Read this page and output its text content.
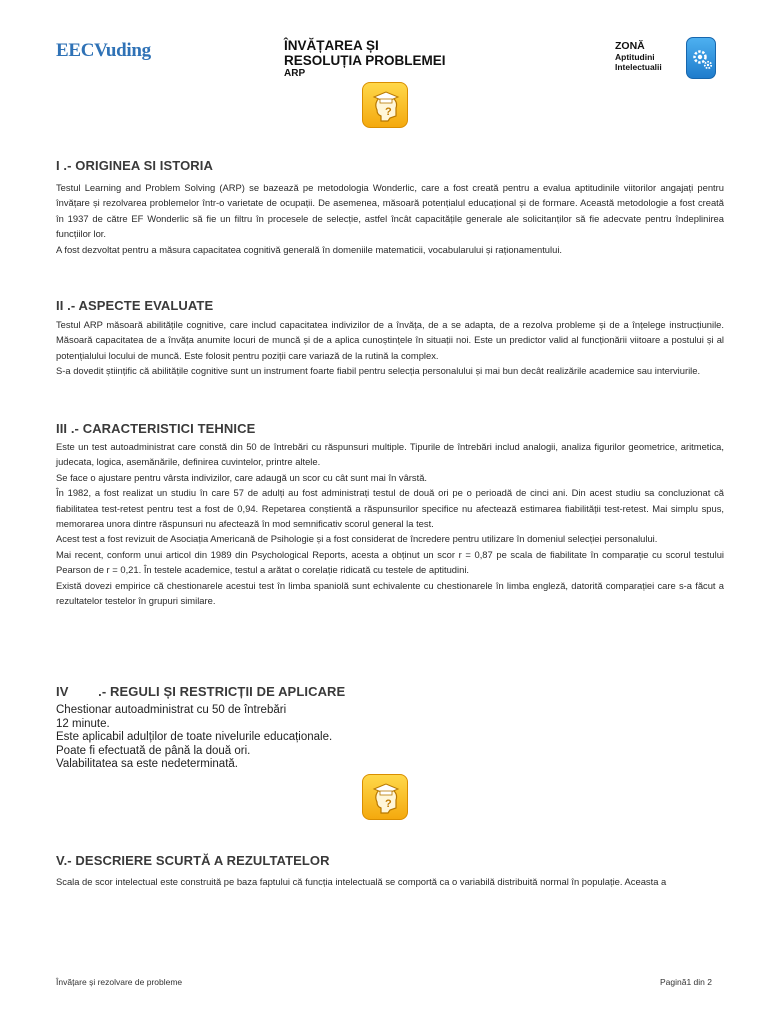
EECVuding	ÎNVĂȚAREA ȘI
RESOLUȚIA PROBLEMEI
ARP
ZONĂ
Aptitudini
Intelectualii
?
I .- ORIGINEA SI ISTORIA

Testul Learning and Problem Solving (ARP) se bazează pe metodologia Wonderlic, care a fost creată pentru a evalua aptitudinile viitorilor angajați pentru învățare și rezolvarea problemelor într-o varietate de ocupații. De asemenea, măsoară potențialul educațional și de formare. Această metodologie a fost creată în 1937 de către EF Wonderlic să fie un filtru în procesele de selecție, astfel încât capacitățile generale ale solicitanților să fie adecvate pentru îndeplinirea funcțiilor lor.

A fost dezvoltat pentru a măsura capacitatea cognitivă generală în domeniile matematicii, vocabularului și raționamentului.

II .- ASPECTE EVALUATE

Testul ARP măsoară abilitățile cognitive, care includ capacitatea indivizilor de a învăța, de a se adapta, de a rezolva probleme și de a înțelege instrucțiunile. Măsoară capacitatea de a învăța anumite locuri de muncă și de a aplica cunoștințele în situații noi. Este un predictor valid al funcționării viitoare a postului și al potențialului locului de muncă. Este folosit pentru poziții care variază de la rutină la complex.

S-a dovedit științific că abilitățile cognitive sunt un instrument foarte fiabil pentru selecția personalului și mai bun decât realizările academice sau interviurile.

III .- CARACTERISTICI TEHNICE

Este un test autoadministrat care constă din 50 de întrebări cu răspunsuri multiple. Tipurile de întrebări includ analogii, analiza figurilor geometrice, aritmetica, judecata, logica, asemănările, definirea cuvintelor, printre altele.

Se face o ajustare pentru vârsta indivizilor, care adaugă un scor cu cât sunt mai în vârstă.

În 1982, a fost realizat un studiu în care 57 de adulți au fost administrați testul de două ori pe o perioadă de cinci ani. Din acest studiu sa concluzionat că fiabilitatea test-retest pentru test a fost de 0,94. Repetarea conștientă a răspunsurilor specifice nu afectează estimarea fiabilității test-retest. Mai simplu spus, memorarea unora dintre răspunsuri nu afectează în mod semnificativ scorul general la test.

Acest test a fost revizuit de Asociația Americană de Psihologie și a fost considerat de încredere pentru utilizare în domeniul selecției personalului.

Mai recent, conform unui articol din 1989 din Psychological Reports, acesta a obținut un scor r = 0,87 pe scala de fiabilitate în comparație cu scorul testului Pearson de r = 0,21. În testele academice, testul a arătat o corelație ridicată cu testele de aptitudini.

Există dovezi empirice că chestionarele acestui test în limba spaniolă sunt echivalente cu chestionarele în limba engleză, datorită comparației care s-a făcut a rezultatelor testelor în grupuri similare.

IV        .- REGULI ȘI RESTRICȚII DE APLICARE

Chestionar autoadministrat cu 50 de întrebări

12 minute.

Este aplicabil adulților de toate nivelurile educaționale.

Poate fi efectuată de până la două ori.

Valabilitatea sa este nedeterminată.

?
V.- DESCRIERE SCURTĂ A REZULTATELOR

Scala de scor intelectual este construită pe baza faptului că funcția intelectuală se comportă ca o variabilă distribuită normal în populație. Aceasta a

Învățare și rezolvare de probleme	Pagină1 din 2
